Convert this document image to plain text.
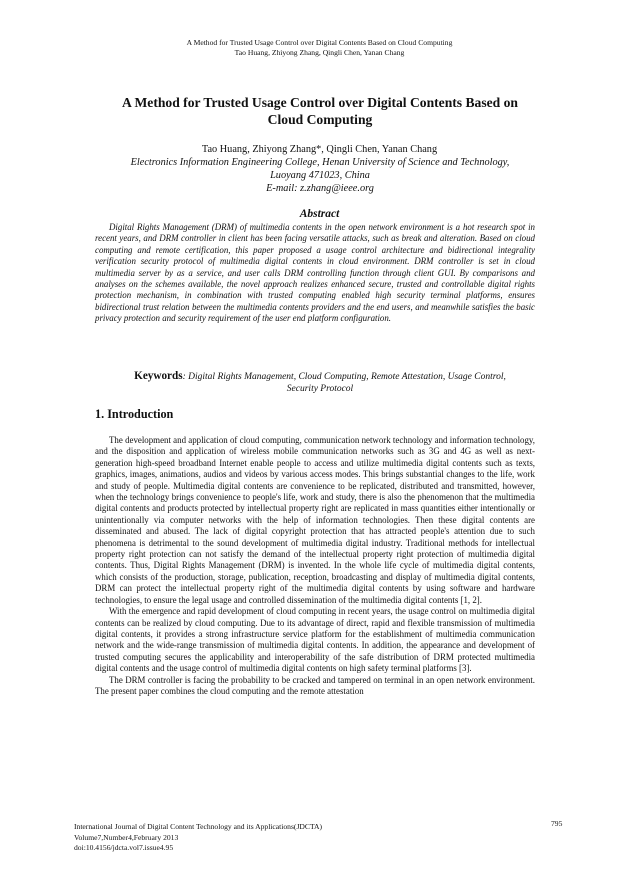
A Method for Trusted Usage Control over Digital Contents Based on Cloud Computing
Tao Huang, Zhiyong Zhang, Qingli Chen, Yanan Chang
A Method for Trusted Usage Control over Digital Contents Based on
Cloud Computing
Tao Huang, Zhiyong Zhang*, Qingli Chen, Yanan Chang
Electronics Information Engineering College, Henan University of Science and Technology,
Luoyang 471023, China
E-mail: z.zhang@ieee.org
Abstract

Digital Rights Management (DRM) of multimedia contents in the open network environment is a hot research spot in recent years, and DRM controller in client has been facing versatile attacks, such as break and alteration. Based on cloud computing and remote certification, this paper proposed a usage control architecture and bidirectional integrality verification security protocol of multimedia digital contents in cloud environment. DRM controller is set in cloud multimedia server by as a service, and user calls DRM controlling function through client GUI. By comparisons and analyses on the schemes available, the novel approach realizes enhanced secure, trusted and controllable digital rights protection mechanism, in combination with trusted computing enabled high security terminal platforms, ensures bidirectional trust relation between the multimedia contents providers and the end users, and meanwhile satisfies the basic privacy protection and security requirement of the user end platform configuration.

Keywords: Digital Rights Management, Cloud Computing, Remote Attestation, Usage Control,
Security Protocol

1. Introduction

The development and application of cloud computing, communication network technology and information technology, and the disposition and application of wireless mobile communication networks such as 3G and 4G as well as next-generation high-speed broadband Internet enable people to access and utilize multimedia digital contents such as texts, graphics, images, animations, audios and videos by various access modes. This brings substantial changes to the life, work and study of people. Multimedia digital contents are convenience to be replicated, distributed and transmitted, however, when the technology brings convenience to people's life, work and study, there is also the phenomenon that the multimedia digital contents and products protected by intellectual property right are replicated in mass quantities either intentionally or unintentionally via computer networks with the help of information technologies. Then these digital contents are disseminated and abused. The lack of digital copyright protection that has attracted people's attention due to such phenomena is detrimental to the sound development of multimedia digital industry. Traditional methods for intellectual property right protection can not satisfy the demand of the intellectual property right protection of multimedia digital contents. Thus, Digital Rights Management (DRM) is invented. In the whole life cycle of multimedia digital contents, which consists of the production, storage, publication, reception, broadcasting and display of multimedia digital contents, DRM can protect the intellectual property right of the multimedia digital contents by using software and hardware technologies, to ensure the legal usage and controlled dissemination of the multimedia digital contents [1, 2].

With the emergence and rapid development of cloud computing in recent years, the usage control on multimedia digital contents can be realized by cloud computing. Due to its advantage of direct, rapid and flexible transmission of multimedia digital contents, it provides a strong infrastructure service platform for the establishment of multimedia communication network and the wide-range transmission of multimedia digital contents. In addition, the appearance and development of trusted computing secures the applicability and interoperability of the safe distribution of DRM protected multimedia digital contents and the usage control of multimedia digital contents on high safety terminal platforms [3].

The DRM controller is facing the probability to be cracked and tampered on terminal in an open network environment. The present paper combines the cloud computing and the remote attestation

International Journal of Digital Content Technology and its Applications(JDCTA)
Volume7,Number4,February 2013
doi:10.4156/jdcta.vol7.issue4.95
795
